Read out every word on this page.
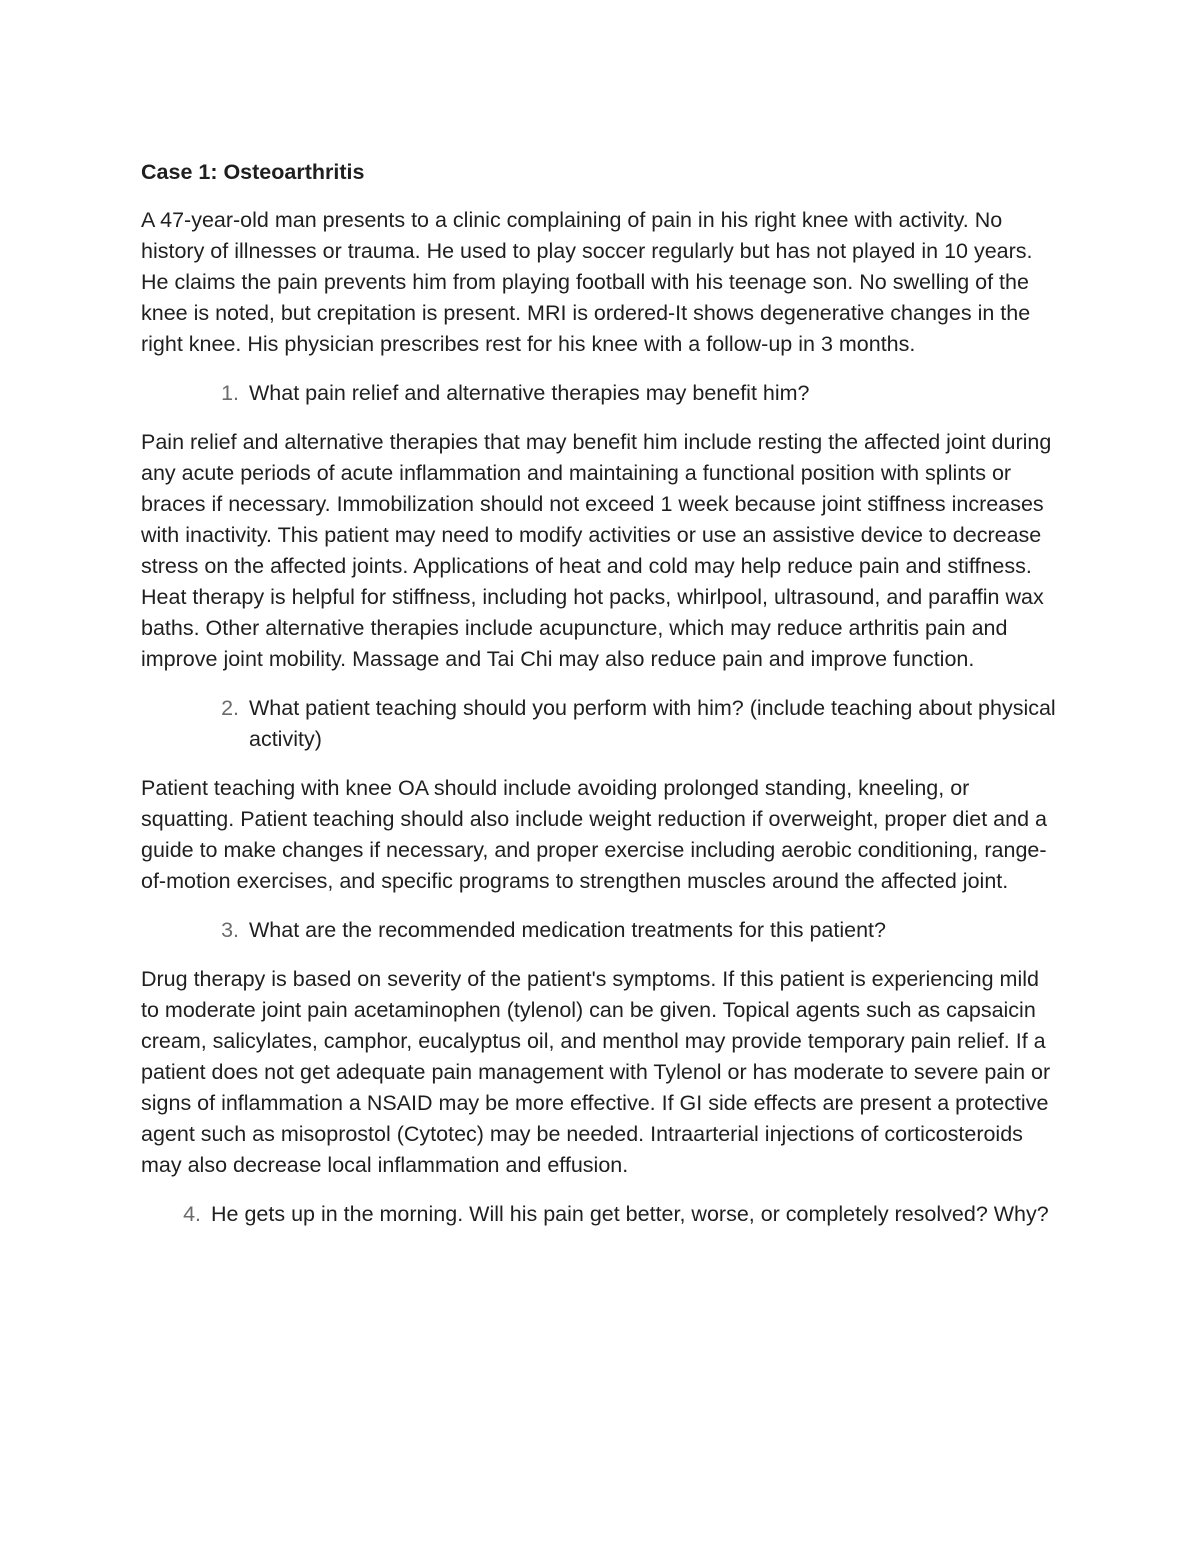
Case 1: Osteoarthritis
A 47-year-old man presents to a clinic complaining of pain in his right knee with activity. No history of illnesses or trauma. He used to play soccer regularly but has not played in 10 years. He claims the pain prevents him from playing football with his teenage son. No swelling of the knee is noted, but crepitation is present. MRI is ordered-It shows degenerative changes in the right knee. His physician prescribes rest for his knee with a follow-up in 3 months.
1. What pain relief and alternative therapies may benefit him?
Pain relief and alternative therapies that may benefit him include resting the affected joint during any acute periods of acute inflammation and maintaining a functional position with splints or braces if necessary. Immobilization should not exceed 1 week because joint stiffness increases with inactivity. This patient may need to modify activities or use an assistive device to decrease stress on the affected joints. Applications of heat and cold may help reduce pain and stiffness. Heat therapy is helpful for stiffness, including hot packs, whirlpool, ultrasound, and paraffin wax baths. Other alternative therapies include acupuncture, which may reduce arthritis pain and improve joint mobility. Massage and Tai Chi may also reduce pain and improve function.
2. What patient teaching should you perform with him? (include teaching about physical activity)
Patient teaching with knee OA should include avoiding prolonged standing, kneeling, or squatting. Patient teaching should also include weight reduction if overweight, proper diet and a guide to make changes if necessary, and proper exercise including aerobic conditioning, range-of-motion exercises, and specific programs to strengthen muscles around the affected joint.
3. What are the recommended medication treatments for this patient?
Drug therapy is based on severity of the patient's symptoms. If this patient is experiencing mild to moderate joint pain acetaminophen (tylenol) can be given. Topical agents such as capsaicin cream, salicylates, camphor, eucalyptus oil, and menthol may provide temporary pain relief. If a patient does not get adequate pain management with Tylenol or has moderate to severe pain or signs of inflammation a NSAID may be more effective. If GI side effects are present a protective agent such as misoprostol (Cytotec) may be needed. Intraarterial injections of corticosteroids may also decrease local inflammation and effusion.
4. He gets up in the morning. Will his pain get better, worse, or completely resolved? Why?
